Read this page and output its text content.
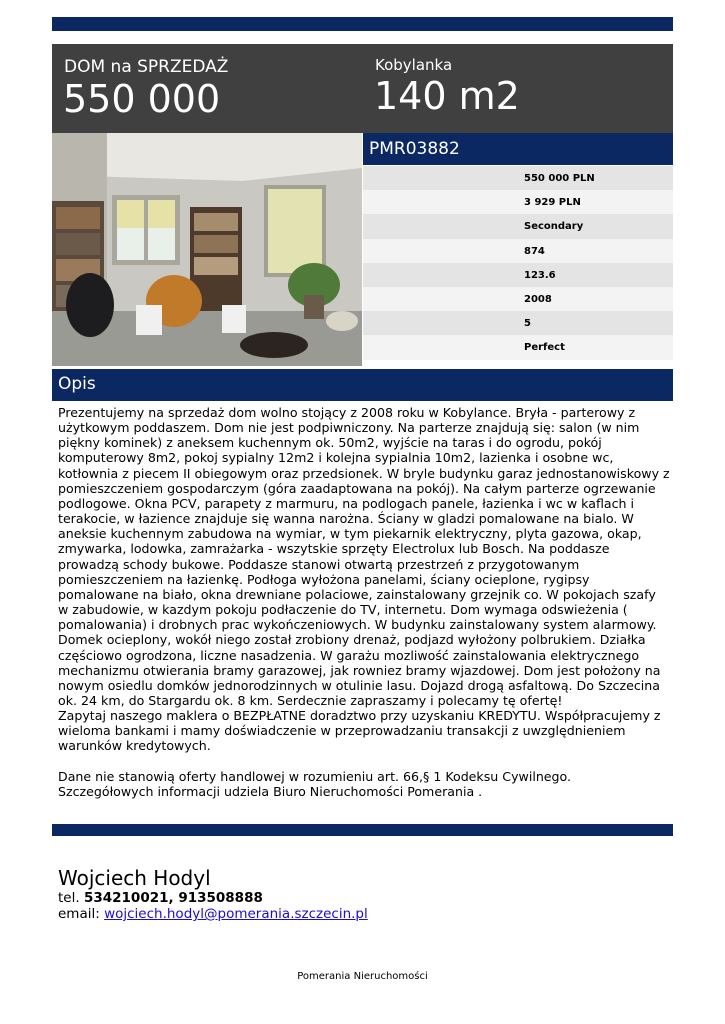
DOM na SPRZEDAŻ
550 000
Kobylanka
140 m2
PMR03882
550 000 PLN
3 929 PLN
Secondary
874
123.6
2008
5
Perfect
Opis
Prezentujemy na sprzedaż dom wolno stojący z 2008 roku w Kobylance. Bryła - parterowy z użytkowym poddaszem. Dom nie jest podpiwniczony. Na parterze znajdują się: salon (w nim piękny kominek) z aneksem kuchennym ok. 50m2, wyjście na taras i do ogrodu, pokój komputerowy 8m2, pokoj sypialny 12m2 i kolejna sypialnia 10m2, lazienka i osobne wc, kotłownia z piecem II obiegowym oraz przedsionek. W bryle budynku garaz jednostanowiskowy z pomieszczeniem gospodarczym (góra zaadaptowana na pokój). Na całym parterze ogrzewanie podlogowe. Okna PCV, parapety z marmuru, na podlogach panele, łazienka i wc w kaflach i terakocie, w łazience znajduje się wanna narożna. Ściany w gladzi pomalowane na bialo. W aneksie kuchennym zabudowa na wymiar, w tym piekarnik elektryczny, plyta gazowa, okap, zmywarka, lodowka, zamrażarka - wszytskie sprzęty Electrolux lub Bosch. Na poddasze prowadzą schody bukowe. Poddasze stanowi otwartą przestrzeń z przygotowanym pomieszczeniem na łazienkę. Podłoga wyłożona panelami, ściany ocieplone, rygipsy pomalowane na biało, okna drewniane polaciowe, zainstalowany grzejnik co. W pokojach szafy w zabudowie, w kazdym pokoju podłaczenie do TV, internetu. Dom wymaga odswieżenia ( pomalowania) i drobnych prac wykończeniowych. W budynku zainstalowany system alarmowy. Domek ocieplony, wokół niego został zrobiony drenaż, podjazd wyłożony polbrukiem. Działka częściowo ogrodzona, liczne nasadzenia. W garażu mozliwość zainstalowania elektrycznego mechanizmu otwierania bramy garazowej, jak rowniez bramy wjazdowej. Dom jest położony na nowym osiedlu domków jednorodzinnych w otulinie lasu. Dojazd drogą asfaltową. Do Szczecina ok. 24 km, do Stargardu ok. 8 km. Serdecznie zapraszamy i polecamy tę ofertę!
Zapytaj naszego maklera o BEZPŁATNE doradztwo przy uzyskaniu KREDYTU. Współpracujemy z wieloma bankami i mamy doświadczenie w przeprowadzaniu transakcji z uwzględnieniem warunków kredytowych.

Dane nie stanowią oferty handlowej w rozumieniu art. 66,§ 1 Kodeksu Cywilnego. Szczegółowych informacji udziela Biuro Nieruchomości Pomerania .
Wojciech Hodyl
tel. 534210021, 913508888
email: wojciech.hodyl@pomerania.szczecin.pl
Pomerania Nieruchomości
